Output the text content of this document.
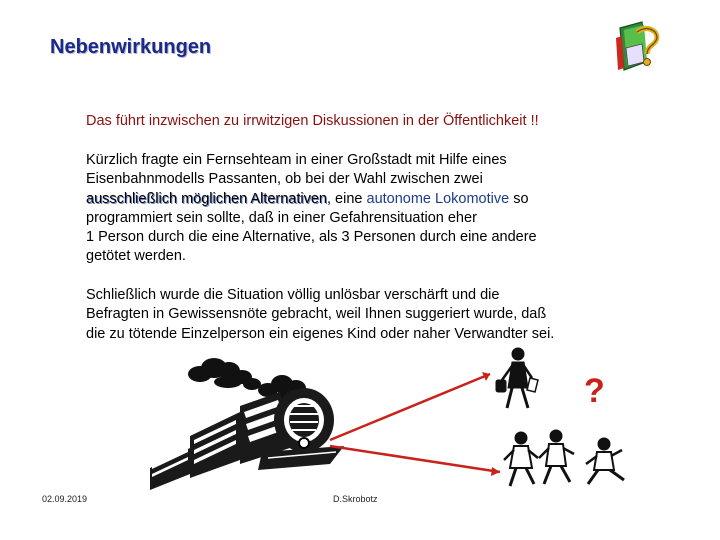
Nebenwirkungen
Das führt inzwischen zu irrwitzigen Diskussionen in der Öffentlichkeit !!
Kürzlich fragte ein Fernsehteam in einer Großstadt mit Hilfe eines
Eisenbahnmodells Passanten, ob bei der Wahl zwischen zwei
ausschließlich möglichen Alternativen, eine autonome Lokomotive so
programmiert sein sollte, daß in einer Gefahrensituation eher
1 Person durch die eine Alternative, als 3 Personen durch eine andere
getötet werden.
Schließlich wurde die Situation völlig unlösbar verschärft und die
Befragten in Gewissensnöte gebracht, weil Ihnen suggeriert wurde, daß
die zu tötende Einzelperson ein eigenes Kind oder naher Verwandter sei.
?
02.09.2019	D.Skrobotz
